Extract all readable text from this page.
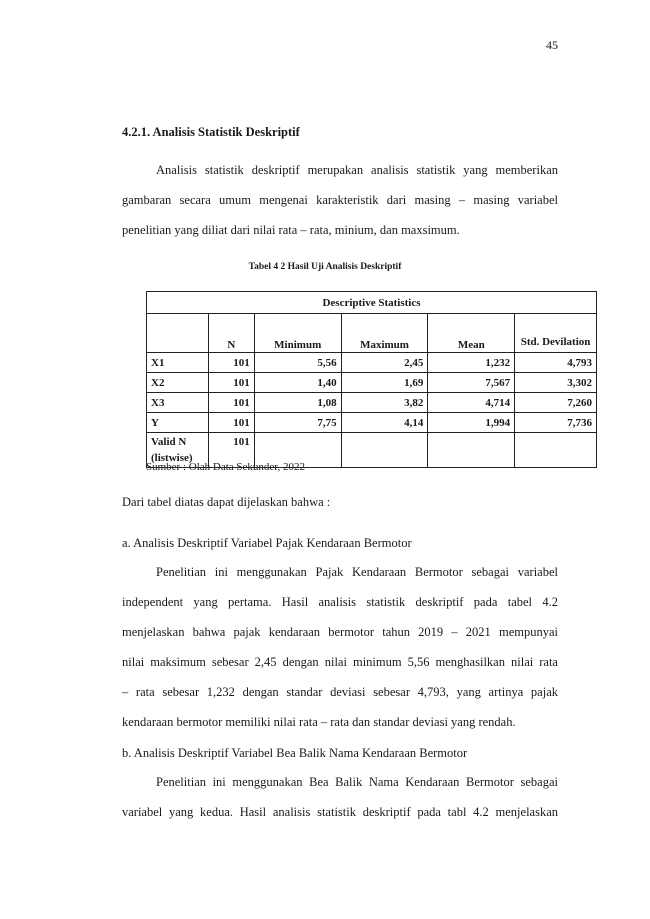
45
4.2.1. Analisis Statistik Deskriptif
Analisis statistik deskriptif merupakan analisis statistik yang memberikan
gambaran secara umum mengenai karakteristik dari masing – masing variabel
penelitian yang diliat dari nilai rata – rata, minium, dan maxsimum.
Tabel 4 2 Hasil Uji Analisis Deskriptif
Descriptive Statistics					
	N	Minimum	Maximum	Mean	Std. Devilation
X1	101	5,56	2,45	1,232	4,793
X2	101	1,40	1,69	7,567	3,302
X3	101	1,08	3,82	4,714	7,260
Y	101	7,75	4,14	1,994	7,736
Valid N (listwise)	101				
Sumber : Olah Data Sekunder, 2022
Dari tabel diatas dapat dijelaskan bahwa :
a. Analisis Deskriptif Variabel Pajak Kendaraan Bermotor
Penelitian ini menggunakan Pajak Kendaraan Bermotor sebagai variabel
independent yang pertama. Hasil analisis statistik deskriptif pada tabel 4.2
menjelaskan bahwa pajak kendaraan bermotor tahun 2019 – 2021 mempunyai
nilai maksimum sebesar 2,45 dengan nilai minimum 5,56 menghasilkan nilai rata
– rata sebesar 1,232 dengan standar deviasi sebesar 4,793, yang artinya pajak
kendaraan bermotor memiliki nilai rata – rata dan standar deviasi yang rendah.
b. Analisis Deskriptif Variabel Bea Balik Nama Kendaraan Bermotor
Penelitian ini menggunakan Bea Balik Nama Kendaraan Bermotor sebagai
variabel yang kedua. Hasil analisis statistik deskriptif pada tabl 4.2 menjelaskan
